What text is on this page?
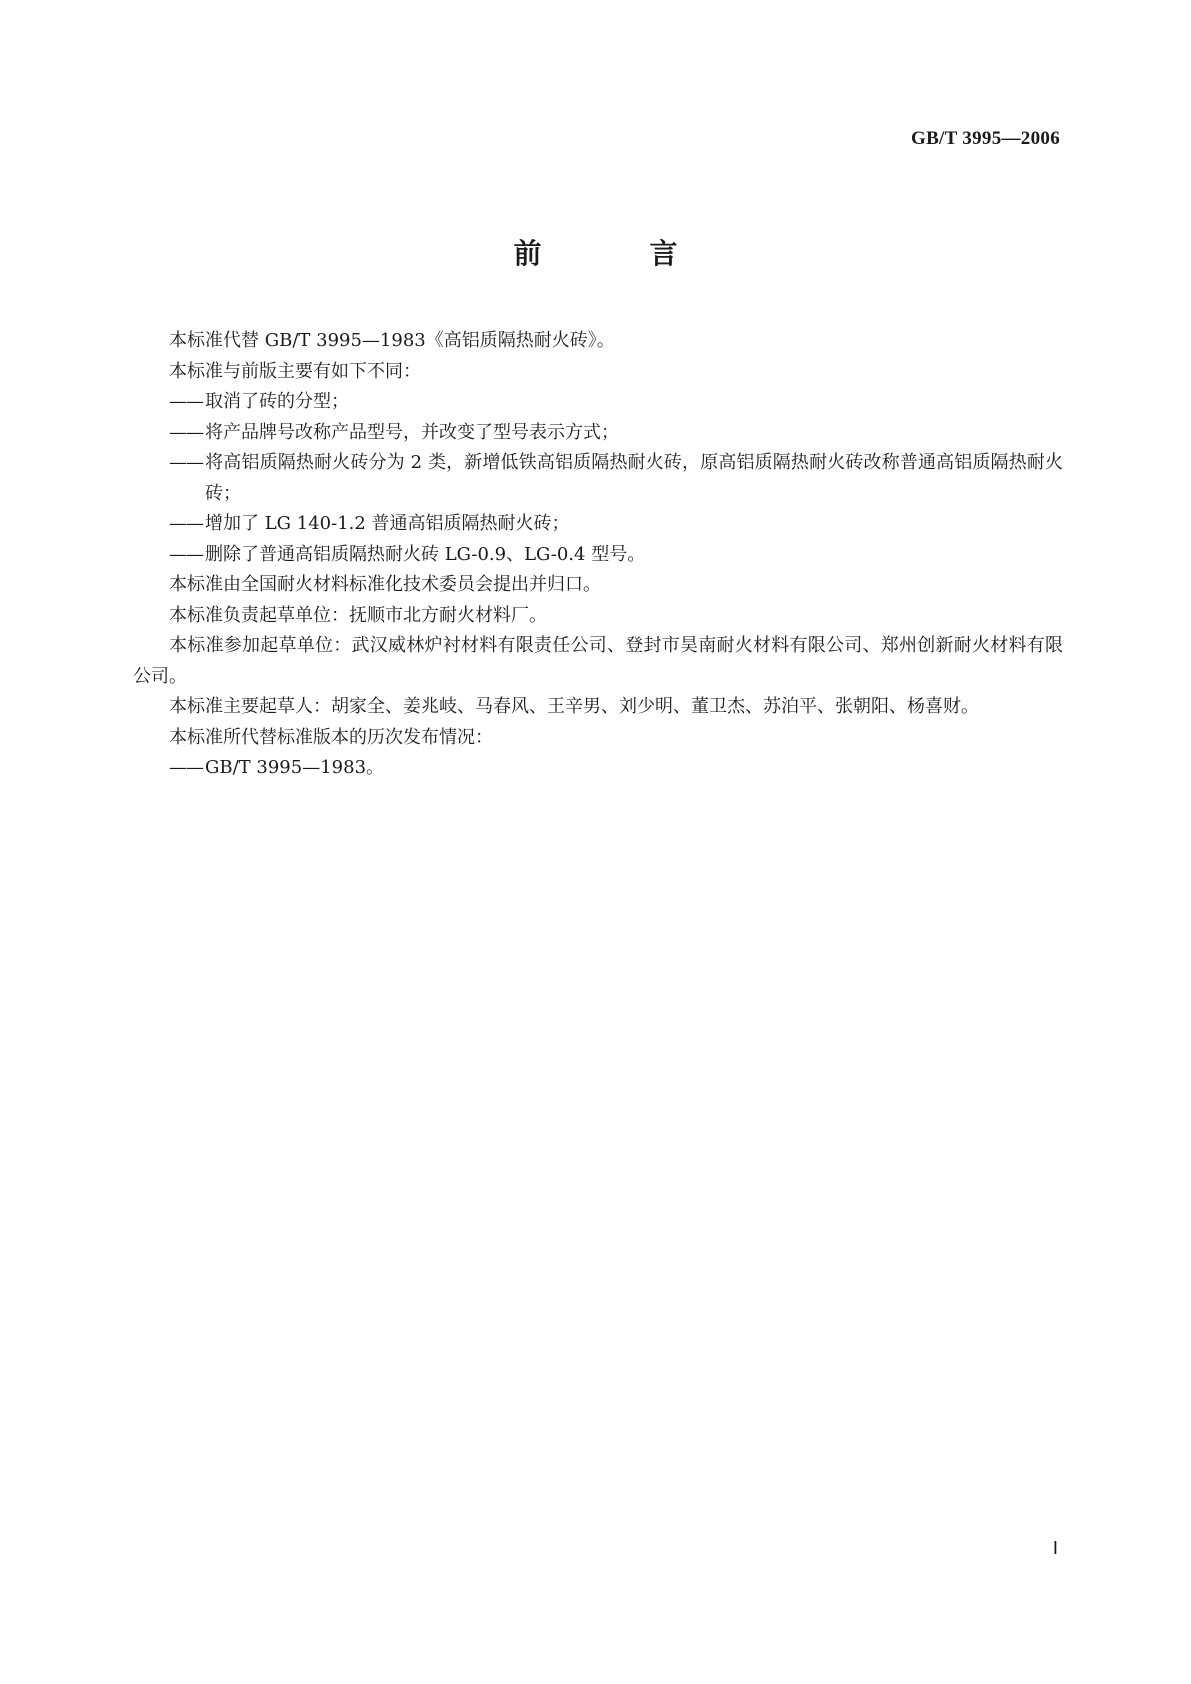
GB/T 3995—2006
前　言

本标准代替 GB/T 3995—1983《高铝质隔热耐火砖》。

本标准与前版主要有如下不同：

—— 取消了砖的分型；

—— 将产品牌号改称产品型号，并改变了型号表示方式；

—— 将高铝质隔热耐火砖分为 2 类，新增低铁高铝质隔热耐火砖，原高铝质隔热耐火砖改称普通高铝质隔热耐火砖；

—— 增加了 LG 140-1.2 普通高铝质隔热耐火砖；

—— 删除了普通高铝质隔热耐火砖 LG-0.9、LG-0.4 型号。

本标准由全国耐火材料标准化技术委员会提出并归口。

本标准负责起草单位：抚顺市北方耐火材料厂。

本标准参加起草单位：武汉威林炉衬材料有限责任公司、登封市昊南耐火材料有限公司、郑州创新耐火材料有限公司。

本标准主要起草人：胡家全、姜兆岐、马春风、王辛男、刘少明、董卫杰、苏泊平、张朝阳、杨喜财。

本标准所代替标准版本的历次发布情况：

—— GB/T 3995—1983。

Ⅰ
